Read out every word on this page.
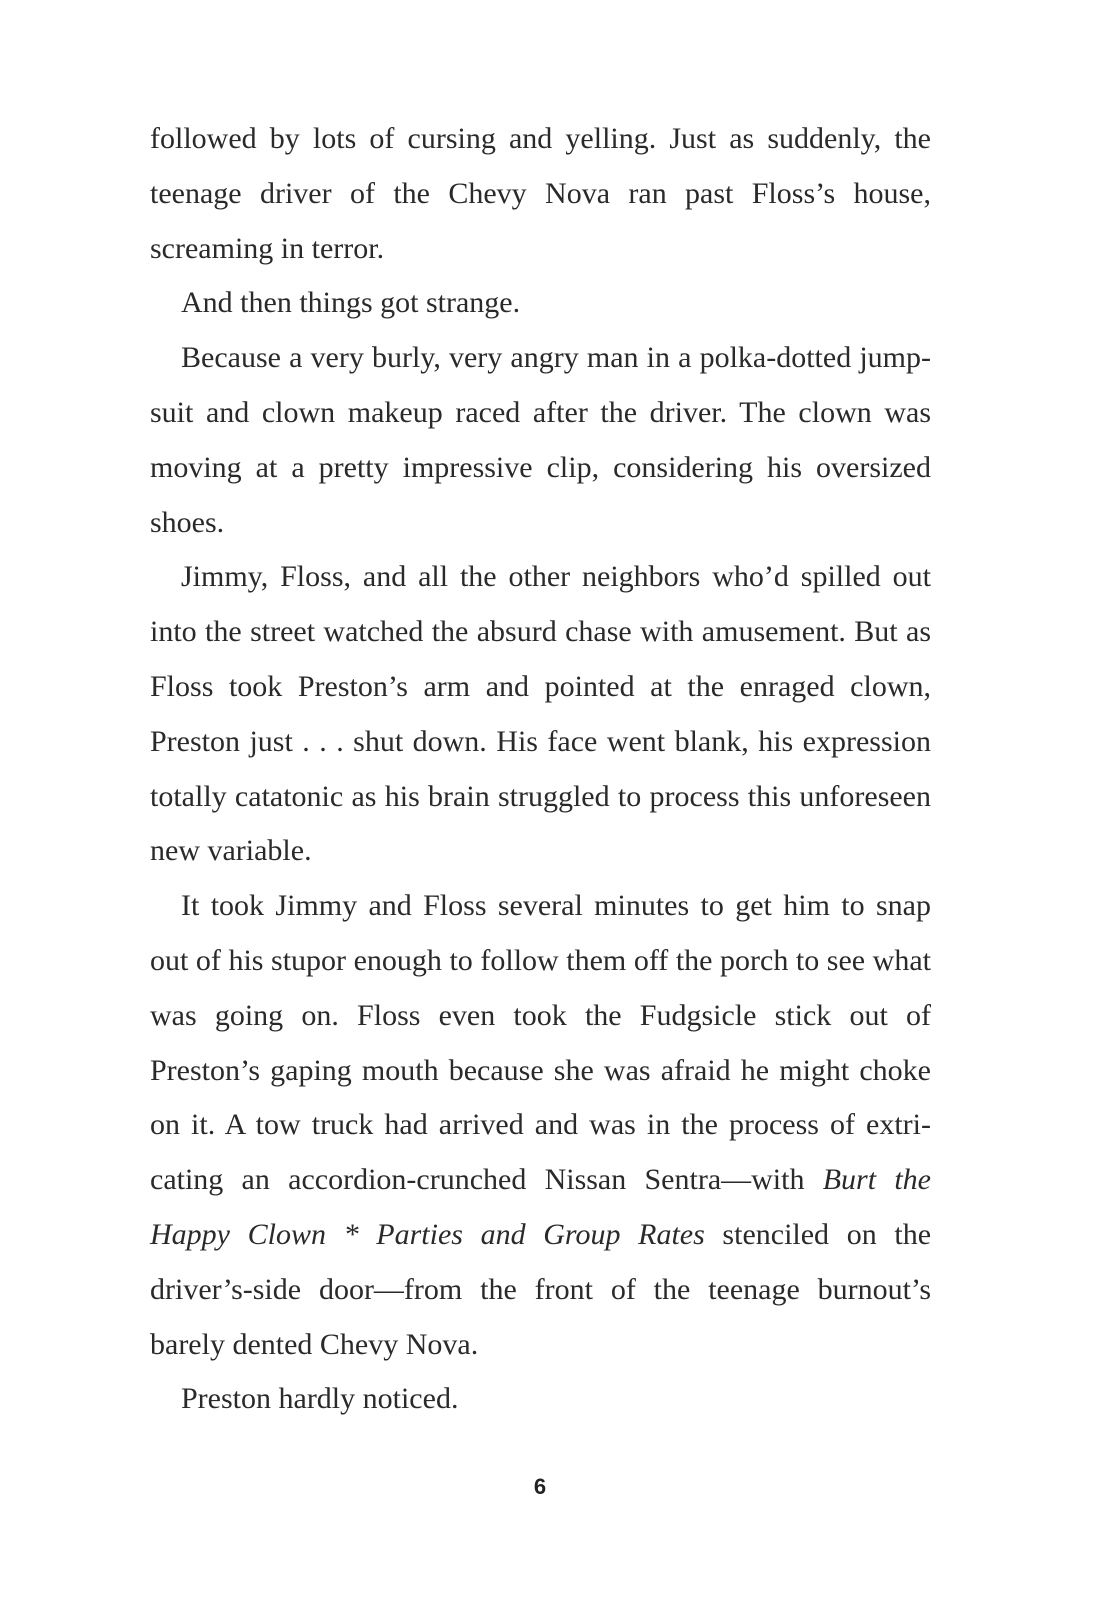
followed by lots of cursing and yelling. Just as suddenly, the teenage driver of the Chevy Nova ran past Floss’s house, screaming in terror.

And then things got strange.

Because a very burly, very angry man in a polka-dotted jumpsuit and clown makeup raced after the driver. The clown was moving at a pretty impressive clip, considering his oversized shoes.

Jimmy, Floss, and all the other neighbors who’d spilled out into the street watched the absurd chase with amusement. But as Floss took Preston’s arm and pointed at the enraged clown, Preston just . . . shut down. His face went blank, his expression totally catatonic as his brain struggled to process this unforeseen new variable.

It took Jimmy and Floss several minutes to get him to snap out of his stupor enough to follow them off the porch to see what was going on. Floss even took the Fudgsicle stick out of Preston’s gaping mouth because she was afraid he might choke on it. A tow truck had arrived and was in the process of extricating an accordion-crunched Nissan Sentra—with Burt the Happy Clown * Parties and Group Rates stenciled on the driver’s-side door—from the front of the teenage burnout’s barely dented Chevy Nova.

Preston hardly noticed.

6
